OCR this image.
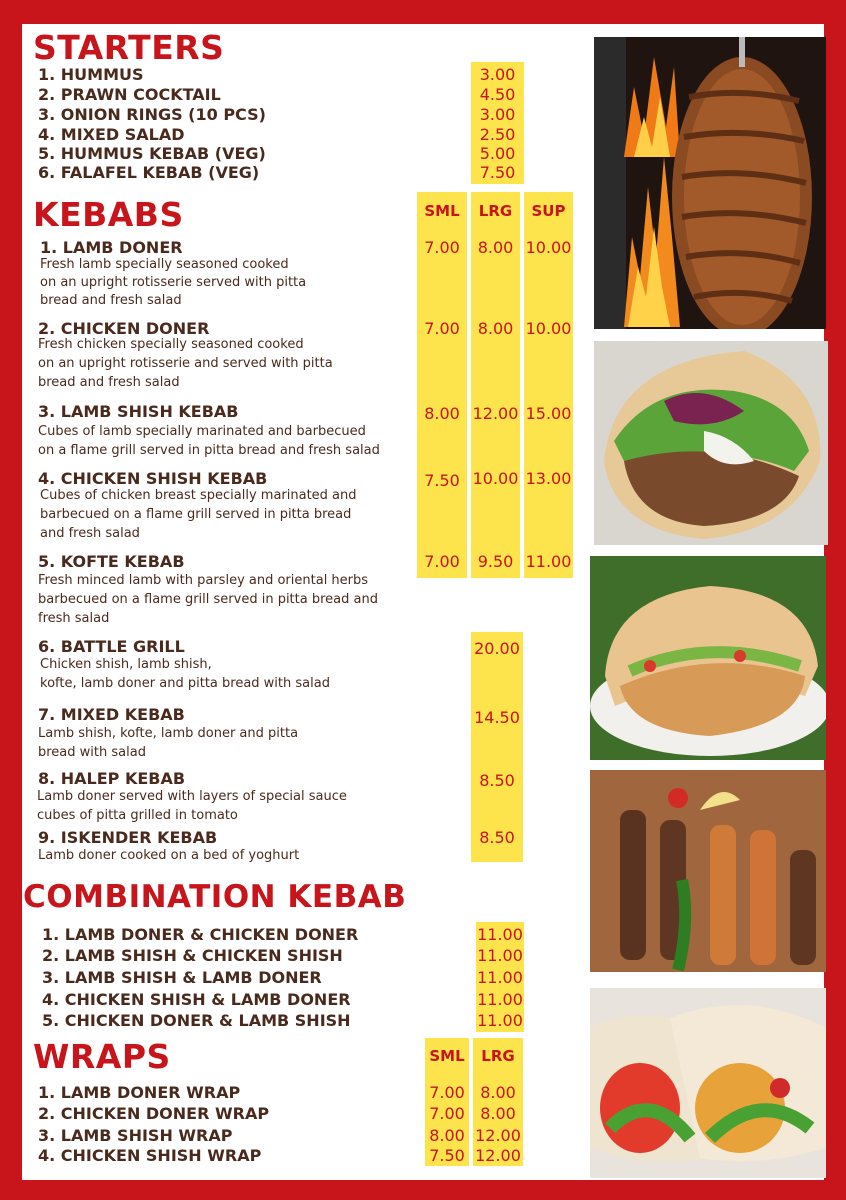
STARTERS
1. HUMMUS	3.00
2. PRAWN COCKTAIL	4.50
3. ONION RINGS (10 PCS)	3.00
4. MIXED SALAD	2.50
5. HUMMUS KEBAB (VEG)	5.00
6. FALAFEL KEBAB (VEG)	7.50
KEBABS	SML	LRG	SUP
1. LAMB DONER
Fresh lamb specially seasoned cooked
on an upright rotisserie served with pitta
bread and fresh salad
7.00	8.00 10.00
2. CHICKEN DONER
Fresh chicken specially seasoned cooked
on an upright rotisserie and served with pitta
bread and fresh salad
7.00	8.00 10.00
3. LAMB SHISH KEBAB
Cubes of lamb specially marinated and barbecued
on a flame grill served in pitta bread and fresh salad
8.00 12.00 15.00
4. CHICKEN SHISH KEBAB
Cubes of chicken breast specially marinated and
barbecued on a flame grill served in pitta bread
and fresh salad
7.50 10.00 13.00
5. KOFTE KEBAB
Fresh minced lamb with parsley and oriental herbs
barbecued on a flame grill served in pitta bread and
fresh salad
7.00	9.50 11.00
6. BATTLE GRILL
Chicken shish, lamb shish,
kofte, lamb doner and pitta bread with salad
20.00
7. MIXED KEBAB
Lamb shish, kofte, lamb doner and pitta
bread with salad
14.50
8. HALEP KEBAB
Lamb doner served with layers of special sauce
cubes of pitta grilled in tomato
8.50
9. ISKENDER KEBAB
Lamb doner cooked on a bed of yoghurt
8.50
COMBINATION KEBAB
1. LAMB DONER & CHICKEN DONER	11.00
2. LAMB SHISH & CHICKEN SHISH	11.00
3. LAMB SHISH & LAMB DONER	11.00
4. CHICKEN SHISH & LAMB DONER	11.00
5. CHICKEN DONER & LAMB SHISH	11.00
WRAPS	SML	LRG
1. LAMB DONER WRAP	7.00 8.00
2. CHICKEN DONER WRAP	7.00 8.00
3. LAMB SHISH WRAP	8.00 12.00
4. CHICKEN SHISH WRAP	7.50 12.00
